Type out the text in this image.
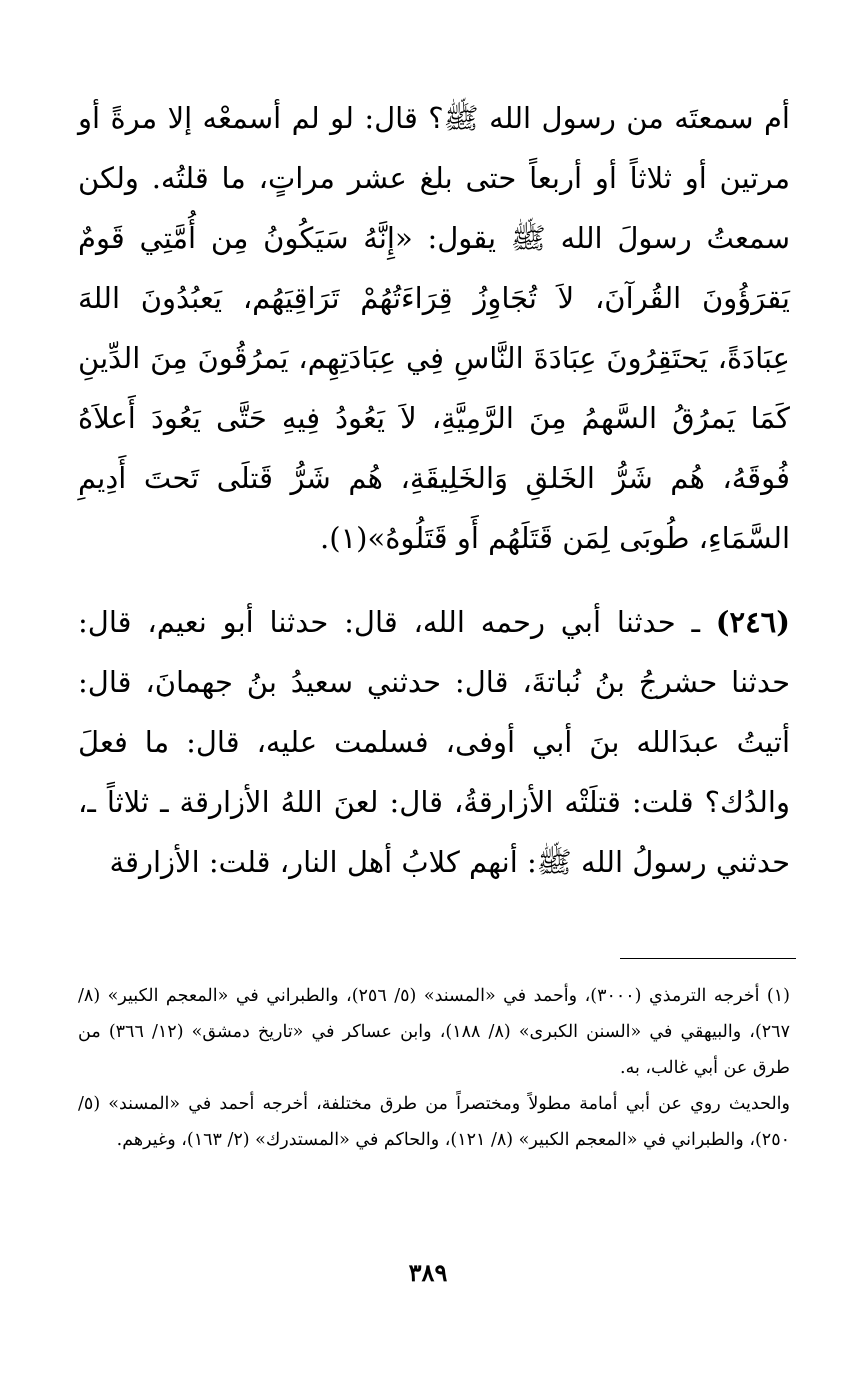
أم سمعتَه من رسول الله ﷺ؟ قال: لو لم أسمعْه إلا مرةً أو مرتين أو ثلاثاً أو أربعاً حتى بلغ عشر مراتٍ، ما قلتُه. ولكن سمعتُ رسولَ الله ﷺ يقول: «إِنَّهُ سَيَكُونُ مِن أُمَّتِي قَومٌ يَقرَؤُونَ القُرآنَ، لاَ تُجَاوِزُ قِرَاءَتُهُمْ تَرَاقِيَهُم، يَعبُدُونَ اللهَ عِبَادَةً، يَحتَقِرُونَ عِبَادَةَ النَّاسِ فِي عِبَادَتِهِم، يَمرُقُونَ مِنَ الدِّينِ كَمَا يَمرُقُ السَّهمُ مِنَ الرَّمِيَّةِ، لاَ يَعُودُ فِيهِ حَتَّى يَعُودَ أَعلاَهُ فُوقَهُ، هُم شَرُّ الخَلقِ وَالخَلِيقَةِ، هُم شَرُّ قَتلَى تَحتَ أَدِيمِ السَّمَاءِ، طُوبَى لِمَن قَتَلَهُم أَو قَتَلُوهُ»(١).

(٢٤٦) ـ حدثنا أبي رحمه الله، قال: حدثنا أبو نعيم، قال: حدثنا حشرجُ بنُ نُباتةَ، قال: حدثني سعيدُ بنُ جهمانَ، قال: أتيتُ عبدَالله بنَ أبي أوفى، فسلمت عليه، قال: ما فعلَ والدُك؟ قلت: قتلَتْه الأزارقةُ، قال: لعنَ اللهُ الأزارقة ـ ثلاثاً ـ، حدثني رسولُ الله ﷺ: أنهم كلابُ أهل النار، قلت: الأزارقة

(١) أخرجه الترمذي (٣٠٠٠)، وأحمد في «المسند» (٥/ ٢٥٦)، والطبراني في «المعجم الكبير» (٨/ ٢٦٧)، والبيهقي في «السنن الكبرى» (٨/ ١٨٨)، وابن عساكر في «تاريخ دمشق» (١٢/ ٣٦٦) من طرق عن أبي غالب، به.

والحديث روي عن أبي أمامة مطولاً ومختصراً من طرق مختلفة، أخرجه أحمد في «المسند» (٥/ ٢٥٠)، والطبراني في «المعجم الكبير» (٨/ ١٢١)، والحاكم في «المستدرك» (٢/ ١٦٣)، وغيرهم.

٣٨٩
